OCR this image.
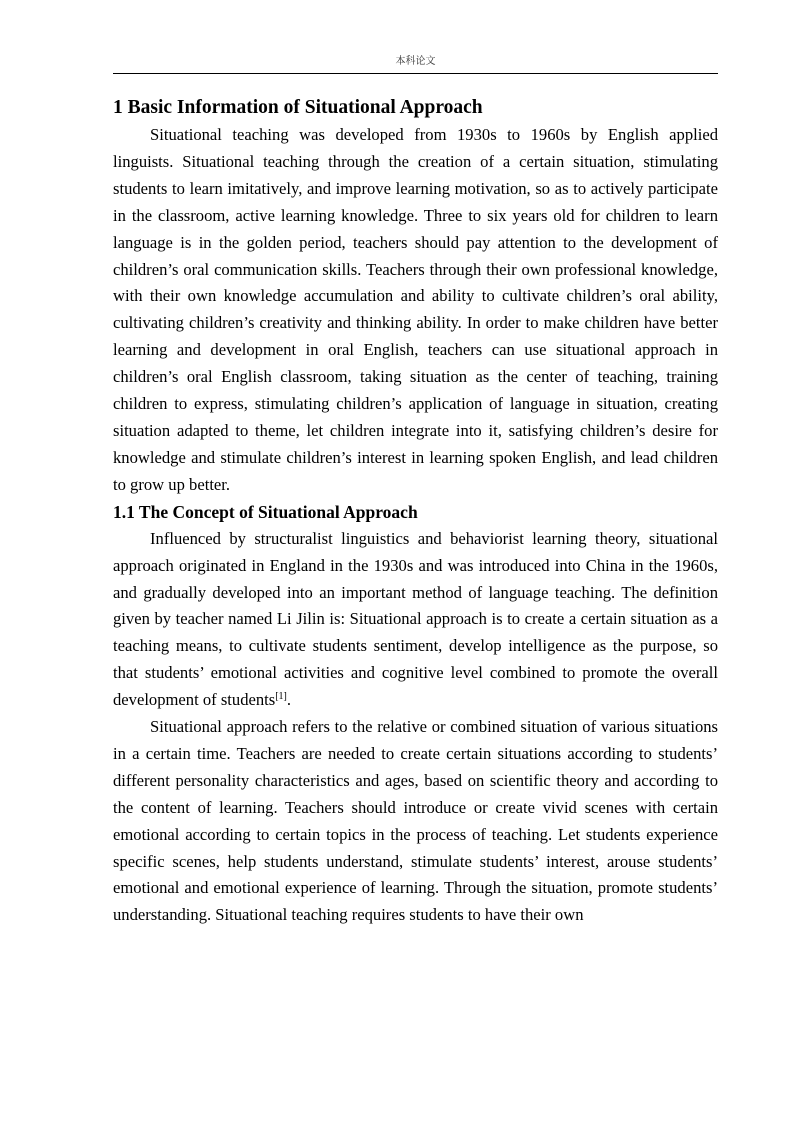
本科论文
1 Basic Information of Situational Approach

Situational teaching was developed from 1930s to 1960s by English applied linguists. Situational teaching through the creation of a certain situation, stimulating students to learn imitatively, and improve learning motivation, so as to actively participate in the classroom, active learning knowledge. Three to six years old for children to learn language is in the golden period, teachers should pay attention to the development of children’s oral communication skills. Teachers through their own professional knowledge, with their own knowledge accumulation and ability to cultivate children’s oral ability, cultivating children’s creativity and thinking ability. In order to make children have better learning and development in oral English, teachers can use situational approach in children’s oral English classroom, taking situation as the center of teaching, training children to express, stimulating children’s application of language in situation, creating situation adapted to theme, let children integrate into it, satisfying children’s desire for knowledge and stimulate children’s interest in learning spoken English, and lead children to grow up better.

1.1 The Concept of Situational Approach

Influenced by structuralist linguistics and behaviorist learning theory, situational approach originated in England in the 1930s and was introduced into China in the 1960s, and gradually developed into an important method of language teaching. The definition given by teacher named Li Jilin is: Situational approach is to create a certain situation as a teaching means, to cultivate students sentiment, develop intelligence as the purpose, so that students’ emotional activities and cognitive level combined to promote the overall development of students[1].

Situational approach refers to the relative or combined situation of various situations in a certain time. Teachers are needed to create certain situations according to students’ different personality characteristics and ages, based on scientific theory and according to the content of learning. Teachers should introduce or create vivid scenes with certain emotional according to certain topics in the process of teaching. Let students experience specific scenes, help students understand, stimulate students’ interest, arouse students’ emotional and emotional experience of learning. Through the situation, promote students’ understanding. Situational teaching requires students to have their own
